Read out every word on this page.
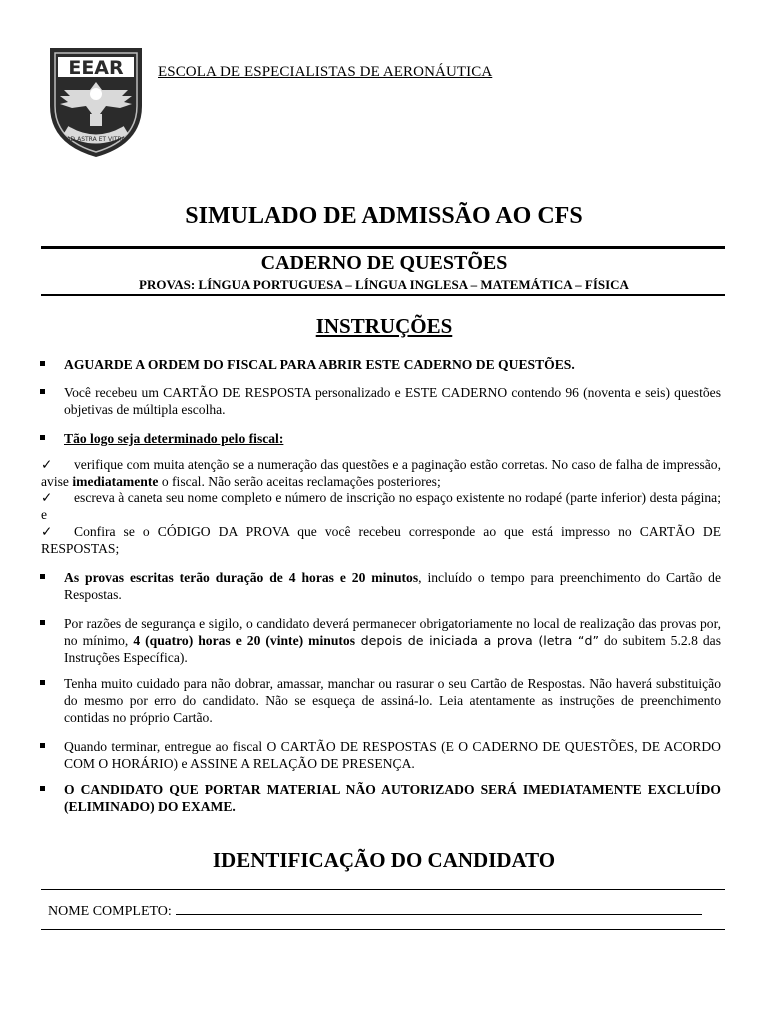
EEAR
AD ASTRA ET VITRA
ESCOLA DE ESPECIALISTAS DE AERONÁUTICA
SIMULADO DE ADMISSÃO AO CFS
CADERNO DE QUESTÕES
PROVAS: LÍNGUA PORTUGUESA – LÍNGUA INGLESA – MATEMÁTICA – FÍSICA
INSTRUÇÕES
AGUARDE A ORDEM DO FISCAL PARA ABRIR ESTE CADERNO DE QUESTÕES.
Você recebeu um CARTÃO DE RESPOSTA personalizado e ESTE CADERNO contendo 96 (noventa e seis) questões objetivas de múltipla escolha.
Tão logo seja determinado pelo fiscal:
✓ verifique com muita atenção se a numeração das questões e a paginação estão corretas. No caso de falha de impressão, avise imediatamente o fiscal. Não serão aceitas reclamações posteriores;
✓ escreva à caneta seu nome completo e número de inscrição no espaço existente no rodapé (parte inferior) desta página; e
✓ Confira se o CÓDIGO DA PROVA que você recebeu corresponde ao que está impresso no CARTÃO DE RESPOSTAS;
As provas escritas terão duração de 4 horas e 20 minutos, incluído o tempo para preenchimento do Cartão de Respostas.
Por razões de segurança e sigilo, o candidato deverá permanecer obrigatoriamente no local de realização das provas por, no mínimo, 4 (quatro) horas e 20 (vinte) minutos depois de iniciada a prova (letra “d” do subitem 5.2.8 das Instruções Específica).
Tenha muito cuidado para não dobrar, amassar, manchar ou rasurar o seu Cartão de Respostas. Não haverá substituição do mesmo por erro do candidato. Não se esqueça de assiná-lo. Leia atentamente as instruções de preenchimento contidas no próprio Cartão.
Quando terminar, entregue ao fiscal O CARTÃO DE RESPOSTAS (E O CADERNO DE QUESTÕES, DE ACORDO COM O HORÁRIO) e ASSINE A RELAÇÃO DE PRESENÇA.
O CANDIDATO QUE PORTAR MATERIAL NÃO AUTORIZADO SERÁ IMEDIATAMENTE EXCLUÍDO (ELIMINADO) DO EXAME.
IDENTIFICAÇÃO DO CANDIDATO
NOME COMPLETO:
